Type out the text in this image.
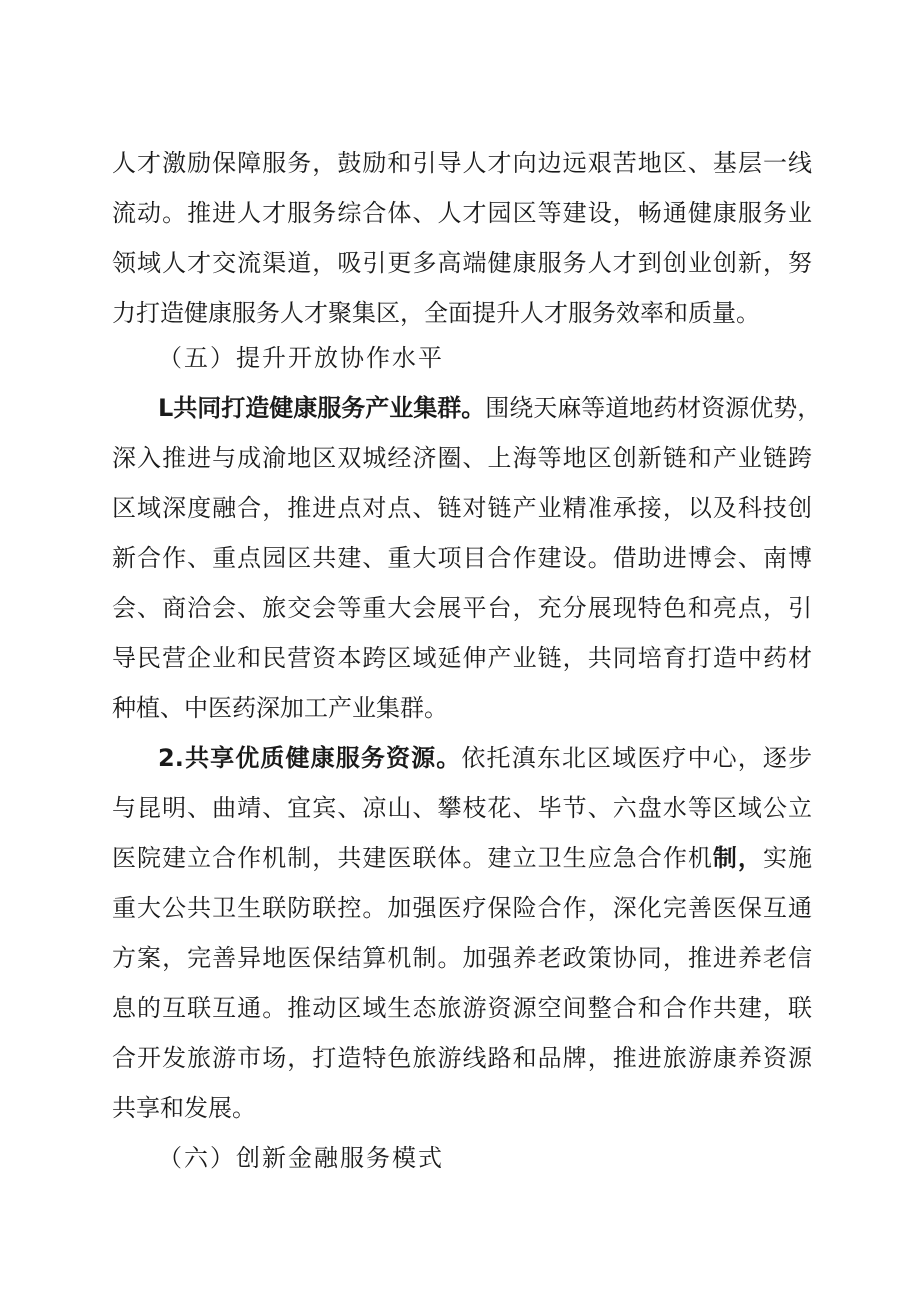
人才激励保障服务，鼓励和引导人才向边远艰苦地区、基层一线
流动。推进人才服务综合体、人才园区等建设，畅通健康服务业
领域人才交流渠道，吸引更多高端健康服务人才到创业创新，努
力打造健康服务人才聚集区，全面提升人才服务效率和质量。
（五）提升开放协作水平
L共同打造健康服务产业集群。围绕天麻等道地药材资源优势，
深入推进与成渝地区双城经济圈、上海等地区创新链和产业链跨
区域深度融合，推进点对点、链对链产业精准承接，以及科技创
新合作、重点园区共建、重大项目合作建设。借助进博会、南博
会、商洽会、旅交会等重大会展平台，充分展现特色和亮点，引
导民营企业和民营资本跨区域延伸产业链，共同培育打造中药材
种植、中医药深加工产业集群。
2.共享优质健康服务资源。依托滇东北区域医疗中心，逐步
与昆明、曲靖、宜宾、凉山、攀枝花、毕节、六盘水等区域公立
医院建立合作机制，共建医联体。建立卫生应急合作机制，实施
重大公共卫生联防联控。加强医疗保险合作，深化完善医保互通
方案，完善异地医保结算机制。加强养老政策协同，推进养老信
息的互联互通。推动区域生态旅游资源空间整合和合作共建，联
合开发旅游市场，打造特色旅游线路和品牌，推进旅游康养资源
共享和发展。
（六）创新金融服务模式
